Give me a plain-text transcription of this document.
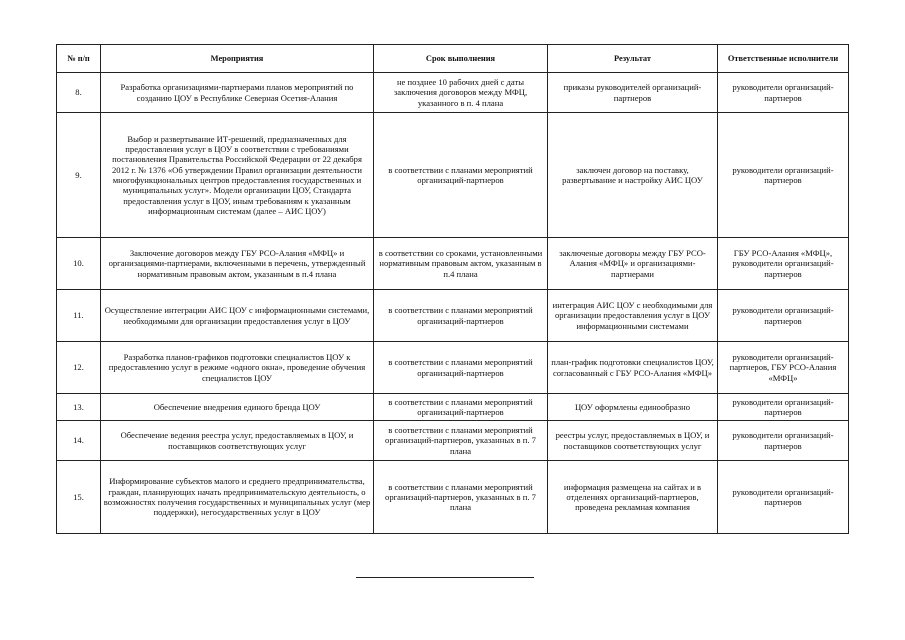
№ п/п	Мероприятия	Срок выполнения	Результат	Ответственные исполнители
8.	Разработка организациями-партнерами планов мероприятий по созданию ЦОУ в Республике Северная Осетия-Алания	не позднее 10 рабочих дней с даты заключения договоров между МФЦ, указанного в п. 4 плана	приказы руководителей организаций-партнеров	руководители организаций-партнеров
9.	Выбор и развертывание ИТ-решений, предназначенных для предоставления услуг в ЦОУ в соответствии с требованиями постановления Правительства Российской Федерации от 22 декабря 2012 г. № 1376 «Об утверждении Правил организации деятельности многофункциональных центров предоставления государственных и муниципальных услуг». Модели организации ЦОУ, Стандарта предоставления услуг в ЦОУ, иным требованиям к указанным информационным системам (далее – АИС ЦОУ)	в соответствии с планами мероприятий организаций-партнеров	заключен договор на поставку, развертывание и настройку АИС ЦОУ	руководители организаций-партнеров
10.	Заключение договоров между ГБУ РСО-Алания «МФЦ» и организациями-партнерами, включенными в перечень, утвержденный нормативным правовым актом, указанным в п.4 плана	в соответствии со сроками, установленными нормативным правовым актом, указанным в п.4 плана	заключеные договоры между ГБУ РСО-Алания «МФЦ» и организациями-партнерами	ГБУ РСО-Алания «МФЦ», руководители организаций-партнеров
11.	Осуществление интеграции АИС ЦОУ с информационными системами, необходимыми для организации предоставления услуг в ЦОУ	в соответствии с планами мероприятий организаций-партнеров	интеграция АИС ЦОУ с необходимыми для организации предоставления услуг в ЦОУ информационными системами	руководители организаций-партнеров
12.	Разработка планов-графиков подготовки специалистов ЦОУ к предоставлению услуг в режиме «одного окна», проведение обучения специалистов ЦОУ	в соответствии с планами мероприятий организаций-партнеров	план-график подготовки специалистов ЦОУ, согласованный с ГБУ РСО-Алания «МФЦ»	руководители организаций-партнеров, ГБУ РСО-Алания «МФЦ»
13.	Обеспечение внедрения единого бренда ЦОУ	в соответствии с планами мероприятий организаций-партнеров	ЦОУ оформлены единообразно	руководители организаций-партнеров
14.	Обеспечение ведения реестра услуг, предоставляемых в ЦОУ, и поставщиков соответствующих услуг	в соответствии с планами мероприятий организаций-партнеров, указанных в п. 7 плана	реестры услуг, предоставляемых в ЦОУ, и поставщиков соответствующих услуг	руководители организаций-партнеров
15.	Информирование субъектов малого и среднего предпринимательства, граждан, планирующих начать предпринимательскую деятельность, о возможностях получения государственных и муниципальных услуг (мер поддержки), негосударственных услуг в ЦОУ	в соответствии с планами мероприятий организаций-партнеров, указанных в п. 7 плана	информация размещена на сайтах и в отделениях организаций-партнеров, проведена рекламная компания	руководители организаций-партнеров
